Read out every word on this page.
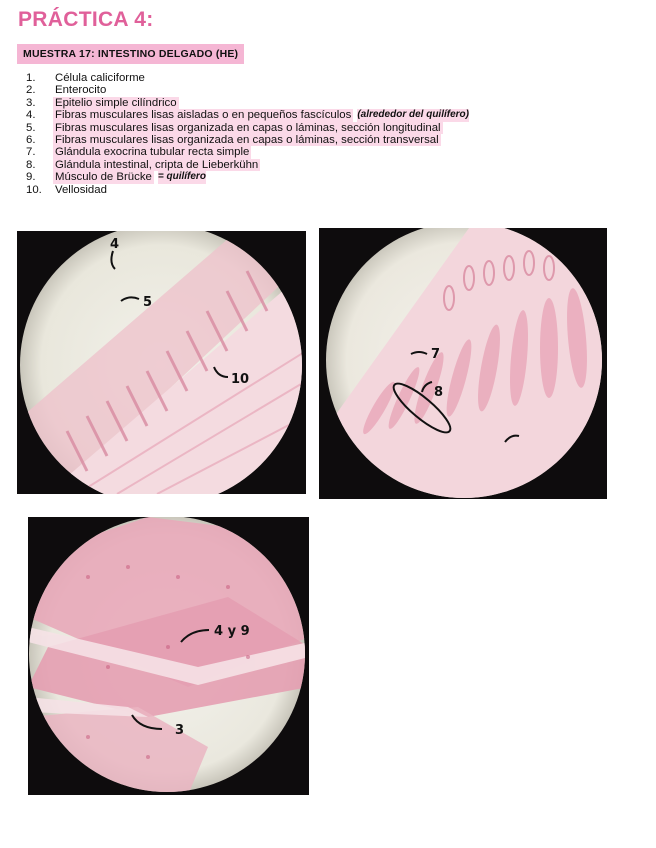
PRÁCTICA 4:
MUESTRA 17: INTESTINO DELGADO (HE)
1.	Célula caliciforme
2.	Enterocito
3.	Epitelio simple cilíndrico
4.	Fibras musculares lisas aisladas o en pequeños fascículos (alrededor del quilífero)
5.	Fibras musculares lisas organizada en capas o láminas, sección longitudinal
6.	Fibras musculares lisas organizada en capas o láminas, sección transversal
7.	Glándula exocrina tubular recta simple
8.	Glándula intestinal, cripta de Lieberkühn
9.	Músculo de Brücke = quilífero
10.	Vellosidad
4
5
10
7
8
4 y 9
3
